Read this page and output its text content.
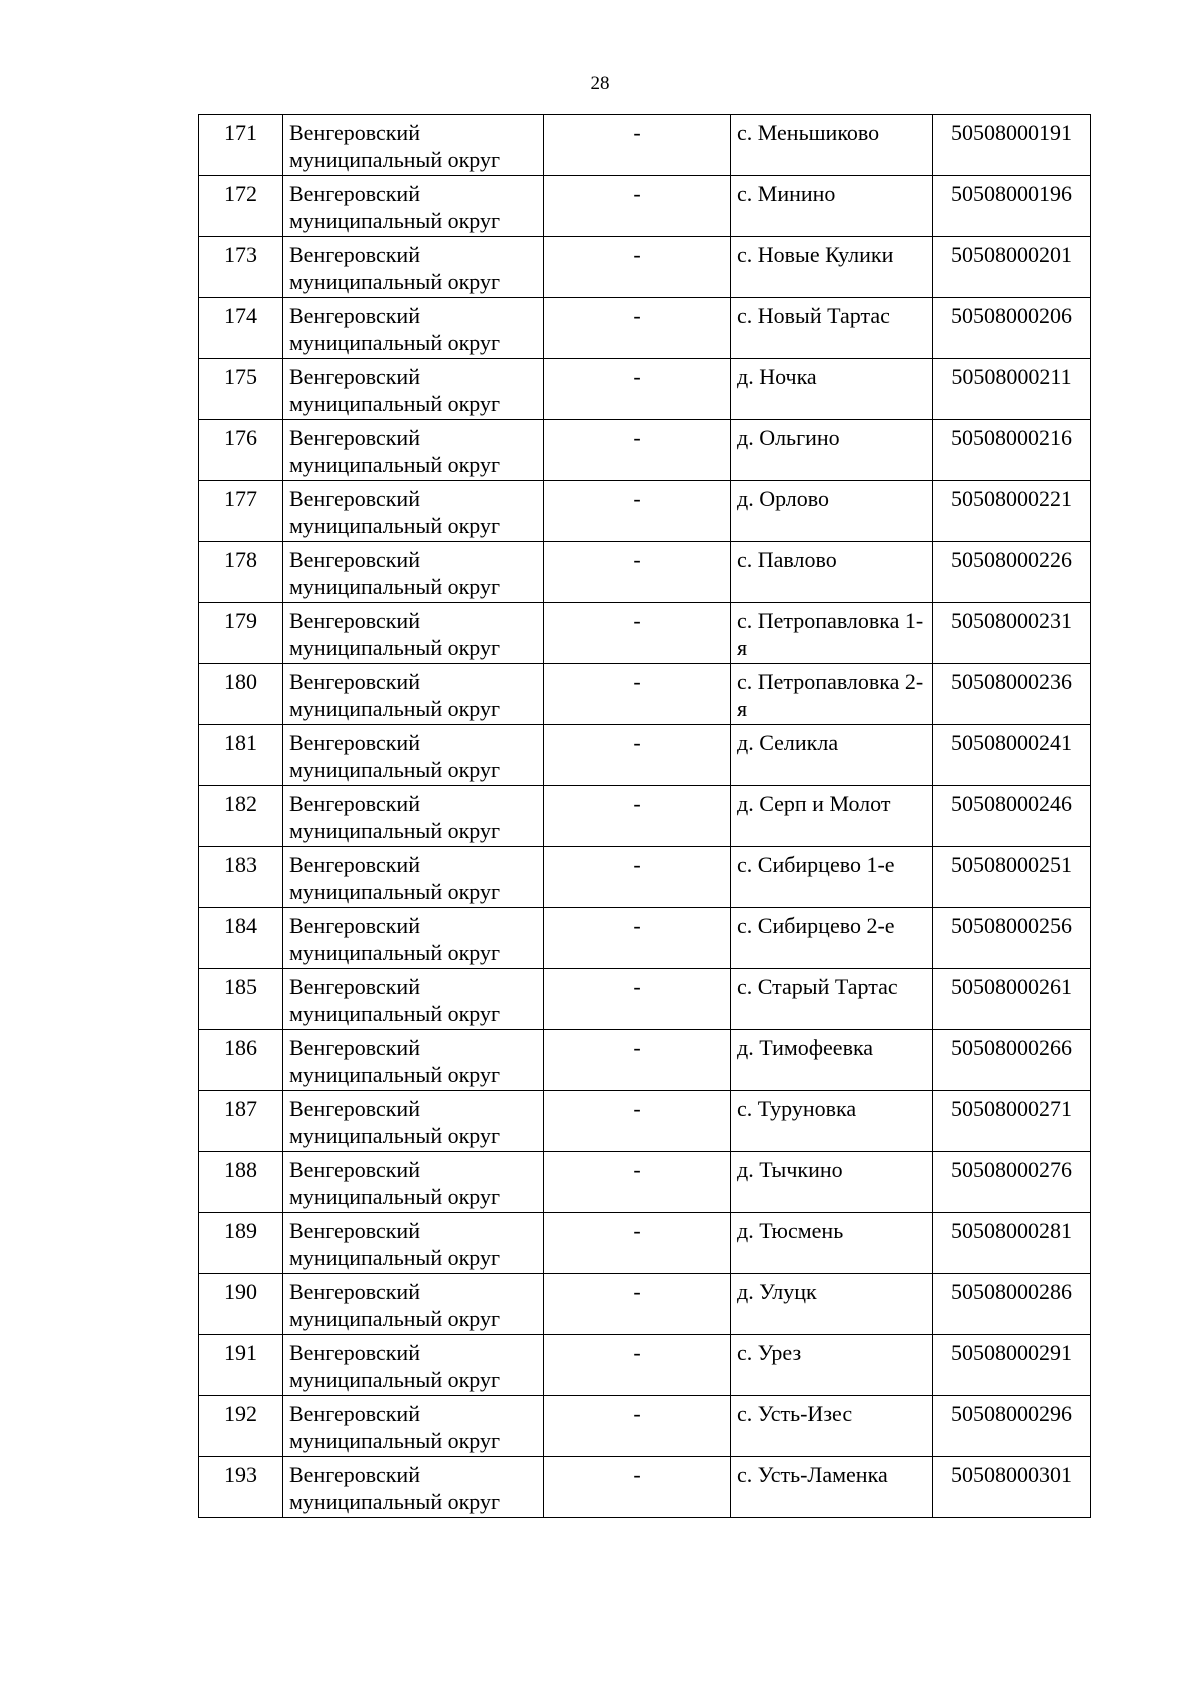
28
171	Венгеровский муниципальный округ	-	с. Меньшиково	50508000191
172	Венгеровский муниципальный округ	-	с. Минино	50508000196
173	Венгеровский муниципальный округ	-	с. Новые Кулики	50508000201
174	Венгеровский муниципальный округ	-	с. Новый Тартас	50508000206
175	Венгеровский муниципальный округ	-	д. Ночка	50508000211
176	Венгеровский муниципальный округ	-	д. Ольгино	50508000216
177	Венгеровский муниципальный округ	-	д. Орлово	50508000221
178	Венгеровский муниципальный округ	-	с. Павлово	50508000226
179	Венгеровский муниципальный округ	-	с. Петропавловка 1-я	50508000231
180	Венгеровский муниципальный округ	-	с. Петропавловка 2-я	50508000236
181	Венгеровский муниципальный округ	-	д. Селикла	50508000241
182	Венгеровский муниципальный округ	-	д. Серп и Молот	50508000246
183	Венгеровский муниципальный округ	-	с. Сибирцево 1-е	50508000251
184	Венгеровский муниципальный округ	-	с. Сибирцево 2-е	50508000256
185	Венгеровский муниципальный округ	-	с. Старый Тартас	50508000261
186	Венгеровский муниципальный округ	-	д. Тимофеевка	50508000266
187	Венгеровский муниципальный округ	-	с. Туруновка	50508000271
188	Венгеровский муниципальный округ	-	д. Тычкино	50508000276
189	Венгеровский муниципальный округ	-	д. Тюсмень	50508000281
190	Венгеровский муниципальный округ	-	д. Улуцк	50508000286
191	Венгеровский муниципальный округ	-	с. Урез	50508000291
192	Венгеровский муниципальный округ	-	с. Усть-Изес	50508000296
193	Венгеровский муниципальный округ	-	с. Усть-Ламенка	50508000301
